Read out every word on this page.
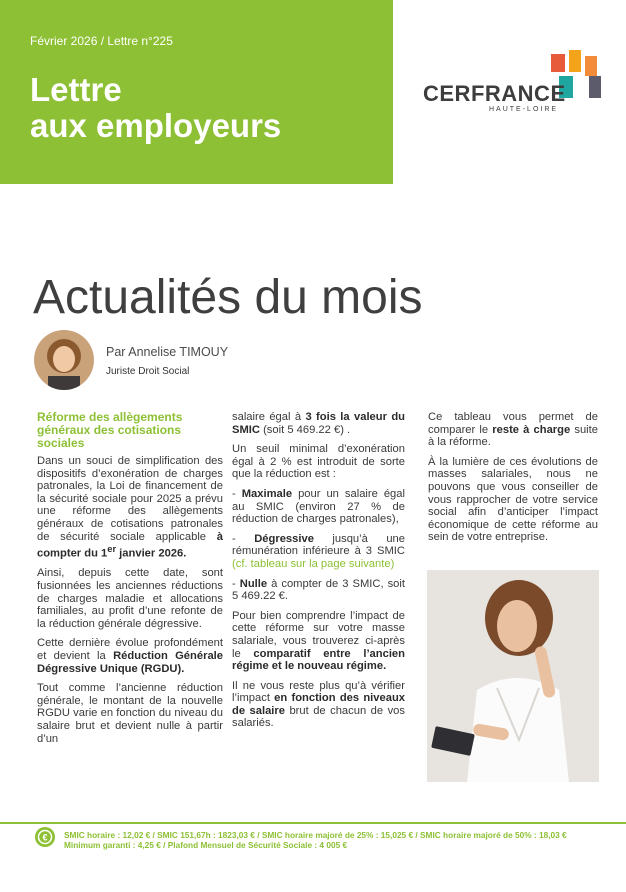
Février 2026 / Lettre n°225
Lettre
aux employeurs
CERFRANCE
HAUTE-LOIRE
Actualités du mois
Par Annelise TIMOUY
Juriste Droit Social
Réforme des allègements généraux des cotisations sociales

Dans un souci de simplification des dispositifs d’exonération de charges patronales, la Loi de financement de la sécurité sociale pour 2025 a prévu une réforme des allègements généraux de cotisations patronales de sécurité sociale applicable à compter du 1er janvier 2026.

Ainsi, depuis cette date, sont fusionnées les anciennes réductions de charges maladie et allocations familiales, au profit d’une refonte de la réduction générale dégressive.

Cette dernière évolue profondément et devient la Réduction Générale Dégressive Unique (RGDU).

Tout comme l’ancienne réduction générale, le montant de la nouvelle RGDU varie en fonction du niveau du salaire brut et devient nulle à partir d’un

salaire égal à 3 fois la valeur du SMIC (soit 5 469.22 €) .

Un seuil minimal d’exonération égal à 2 % est introduit de sorte que la réduction est :

- Maximale pour un salaire égal au SMIC (environ 27 % de réduction de charges patronales),

- Dégressive jusqu’à une rémunération inférieure à 3 SMIC (cf. tableau sur la page suivante)

- Nulle à compter de 3 SMIC, soit 5 469.22 €.

Pour bien comprendre l’impact de cette réforme sur votre masse salariale, vous trouverez ci-après le comparatif entre l’ancien régime et le nouveau régime.

Il ne vous reste plus qu’à vérifier l’impact en fonction des niveaux de salaire brut de chacun de vos salariés.

Ce tableau vous permet de comparer le reste à charge suite à la réforme.

À la lumière de ces évolutions de masses salariales, nous ne pouvons que vous conseiller de vous rapprocher de votre service social afin d’anticiper l’impact économique de cette réforme au sein de votre entreprise.

€ SMIC horaire : 12,02 € / SMIC 151,67h : 1823,03 € / SMIC horaire majoré de 25% : 15,025 € / SMIC horaire majoré de 50% : 18,03 €
Minimum garanti : 4,25 € / Plafond Mensuel de Sécurité Sociale : 4 005 €
